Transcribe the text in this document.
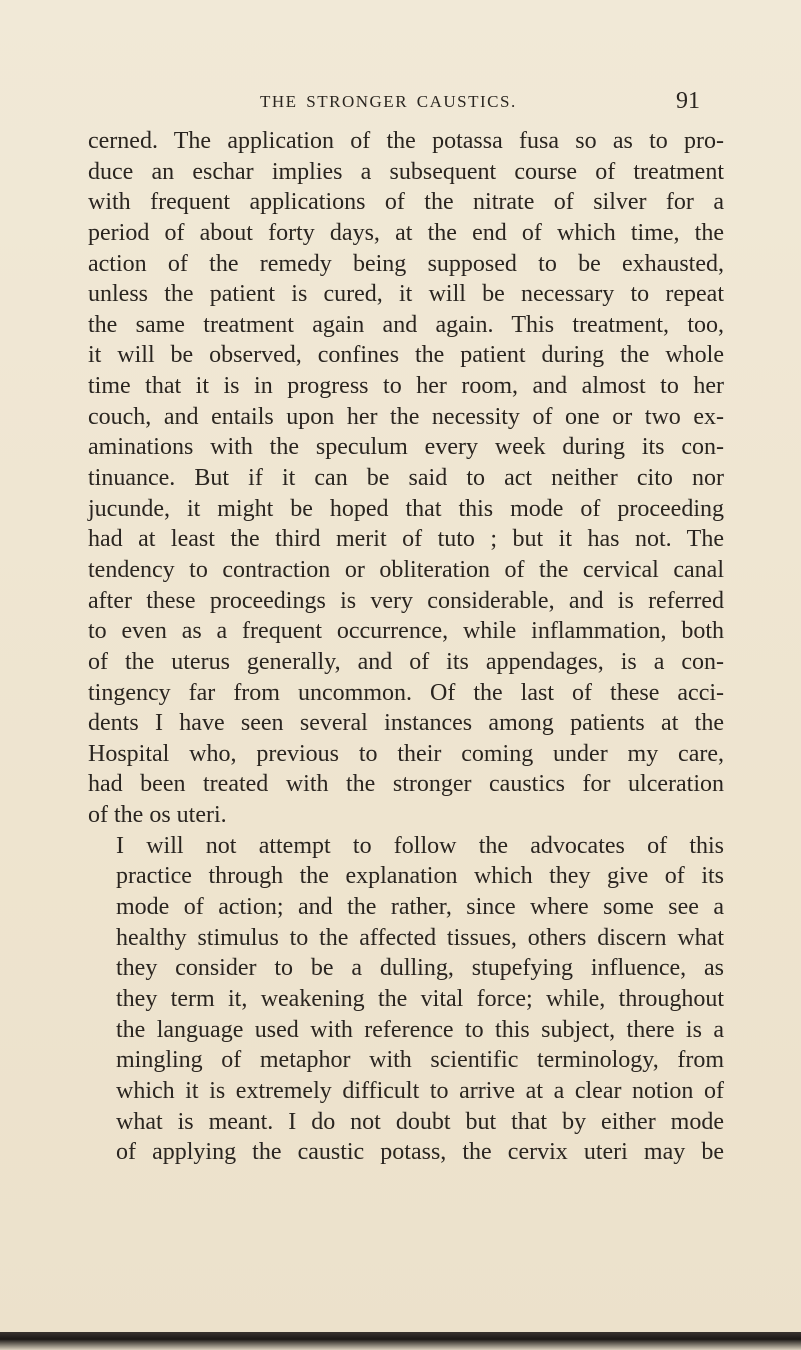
THE STRONGER CAUSTICS.	91
cerned. The application of the potassa fusa so as to pro-
duce an eschar implies a subsequent course of treatment
with frequent applications of the nitrate of silver for a
period of about forty days, at the end of which time, the
action of the remedy being supposed to be exhausted,
unless the patient is cured, it will be necessary to repeat
the same treatment again and again. This treatment, too,
it will be observed, confines the patient during the whole
time that it is in progress to her room, and almost to her
couch, and entails upon her the necessity of one or two ex-
aminations with the speculum every week during its con-
tinuance. But if it can be said to act neither cito nor
jucunde, it might be hoped that this mode of proceeding
had at least the third merit of tuto ; but it has not. The
tendency to contraction or obliteration of the cervical canal
after these proceedings is very considerable, and is referred
to even as a frequent occurrence, while inflammation, both
of the uterus generally, and of its appendages, is a con-
tingency far from uncommon. Of the last of these acci-
dents I have seen several instances among patients at the
Hospital who, previous to their coming under my care,
had been treated with the stronger caustics for ulceration
of the os uteri.
I will not attempt to follow the advocates of this
practice through the explanation which they give of its
mode of action; and the rather, since where some see a
healthy stimulus to the affected tissues, others discern what
they consider to be a dulling, stupefying influence, as
they term it, weakening the vital force; while, throughout
the language used with reference to this subject, there is a
mingling of metaphor with scientific terminology, from
which it is extremely difficult to arrive at a clear notion of
what is meant. I do not doubt but that by either mode
of applying the caustic potass, the cervix uteri may be
